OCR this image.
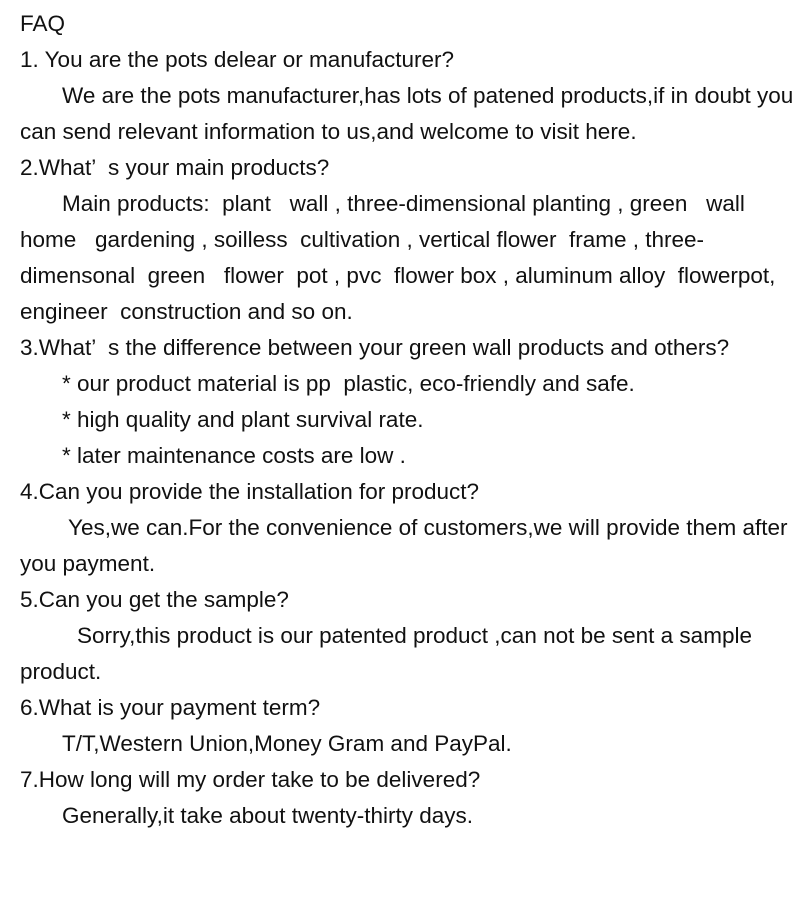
FAQ
1. You are the pots delear or manufacturer?
We are the pots manufacturer,has lots of patened products,if in doubt you can send relevant information to us,and welcome to visit here.
2.What’  s your main products?
Main products:  plant   wall , three-dimensional planting , green   wall   home   gardening , soilless  cultivation , vertical flower  frame , three-dimensonal  green   flower  pot , pvc  flower box , aluminum alloy  flowerpot, engineer  construction and so on.
3.What’  s the difference between your green wall products and others?
* our product material is pp  plastic, eco-friendly and safe.
* high quality and plant survival rate.
* later maintenance costs are low .
4.Can you provide the installation for product?
Yes,we can.For the convenience of customers,we will provide them after you payment.
5.Can you get the sample?
Sorry,this product is our patented product ,can not be sent a sample product.
6.What is your payment term?
T/T,Western Union,Money Gram and PayPal.
7.How long will my order take to be delivered?
Generally,it take about twenty-thirty days.
